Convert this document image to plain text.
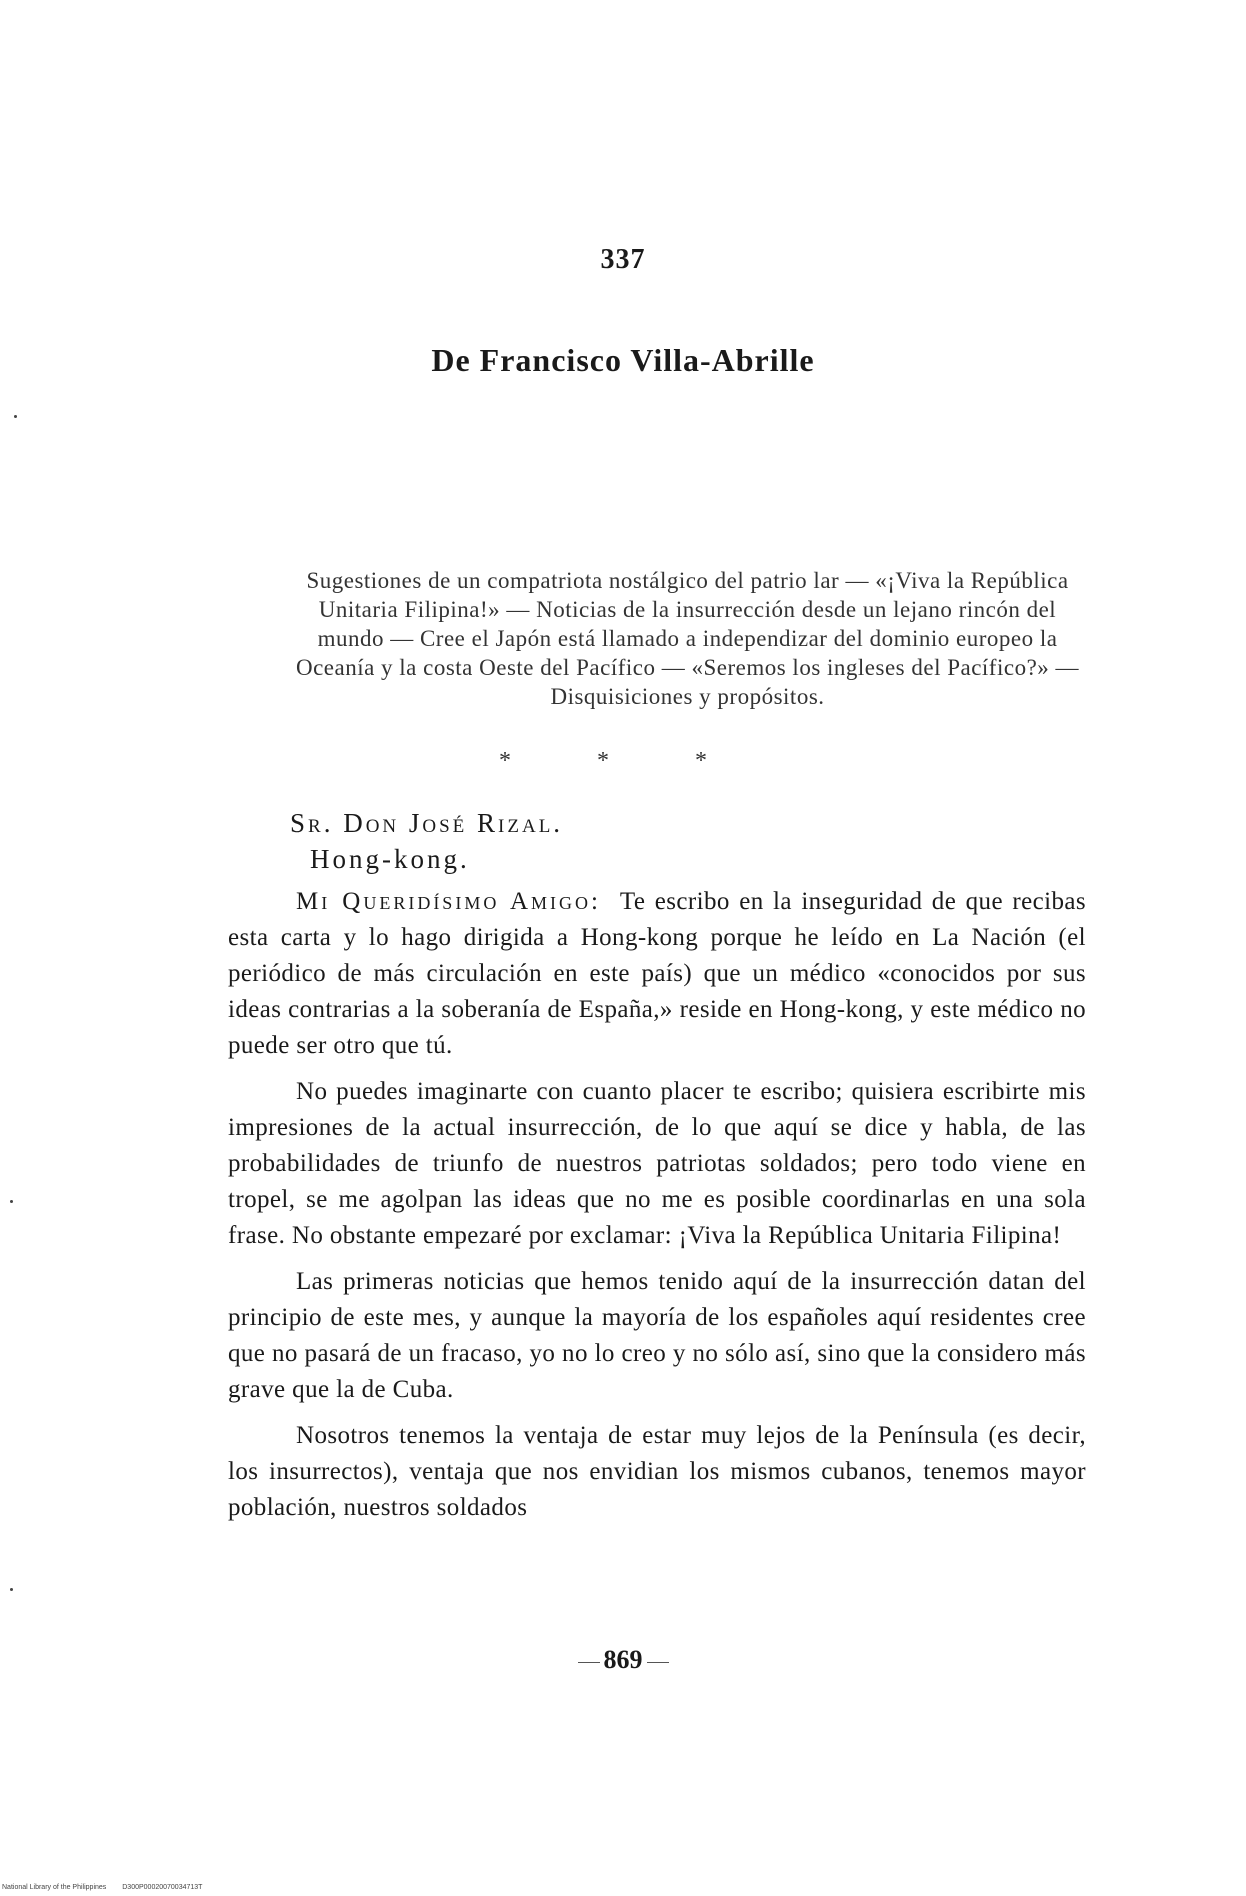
337
De Francisco Villa-Abrille
Sugestiones de un compatriota nostálgico del patrio lar — «¡Viva la República Unitaria Filipina!» — Noticias de la insurrección desde un lejano rincón del mundo — Cree el Japón está llamado a independizar del dominio europeo la Oceanía y la costa Oeste del Pacífico — «Seremos los ingleses del Pacífico?» — Disquisiciones y propósitos.
* * *
Sr. Don José Rizal.
Hong-kong.

Mi Queridísimo Amigo: Te escribo en la inseguridad de que recibas esta carta y lo hago dirigida a Hong-kong porque he leído en La Nación (el periódico de más circulación en este país) que un médico «conocidos por sus ideas contrarias a la soberanía de España,» reside en Hong-kong, y este médico no puede ser otro que tú.

No puedes imaginarte con cuanto placer te escribo; quisiera escribirte mis impresiones de la actual insurrección, de lo que aquí se dice y habla, de las probabilidades de triunfo de nuestros patriotas soldados; pero todo viene en tropel, se me agolpan las ideas que no me es posible coordinarlas en una sola frase. No obstante empezaré por exclamar: ¡Viva la República Unitaria Filipina!

Las primeras noticias que hemos tenido aquí de la insurrección datan del principio de este mes, y aunque la mayoría de los españoles aquí residentes cree que no pasará de un fracaso, yo no lo creo y no sólo así, sino que la considero más grave que la de Cuba.

Nosotros tenemos la ventaja de estar muy lejos de la Península (es decir, los insurrectos), ventaja que nos envidian los mismos cubanos, tenemos mayor población, nuestros soldados

869
National Library of the Philippines D300P00020070034713T
